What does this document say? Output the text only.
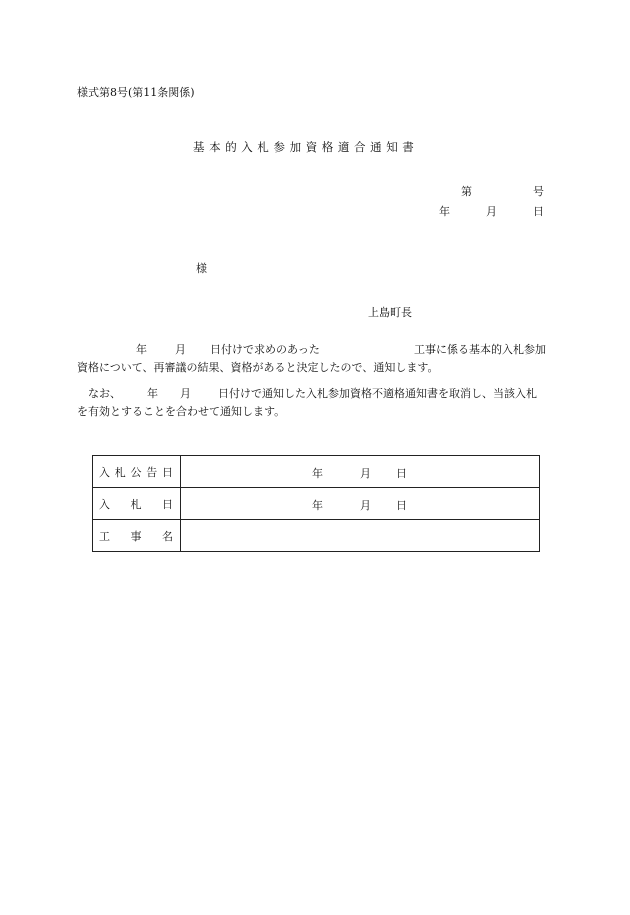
様式第8号(第11条関係)
基本的入札参加資格適合通知書
第	号
年	月	日
様
上島町長
年	月 日付けで求めのあった	工事に係る基本的入札参加
資格について、再審議の結果、資格があると決定したので、通知します。
なお、 年 月 日付けで通知した入札参加資格不適格通知書を取消し、当該入札
を有効とすることを合わせて通知します。
入 札 公 告 日	年 月 日

入 札 日	年 月 日

工 事 名	
